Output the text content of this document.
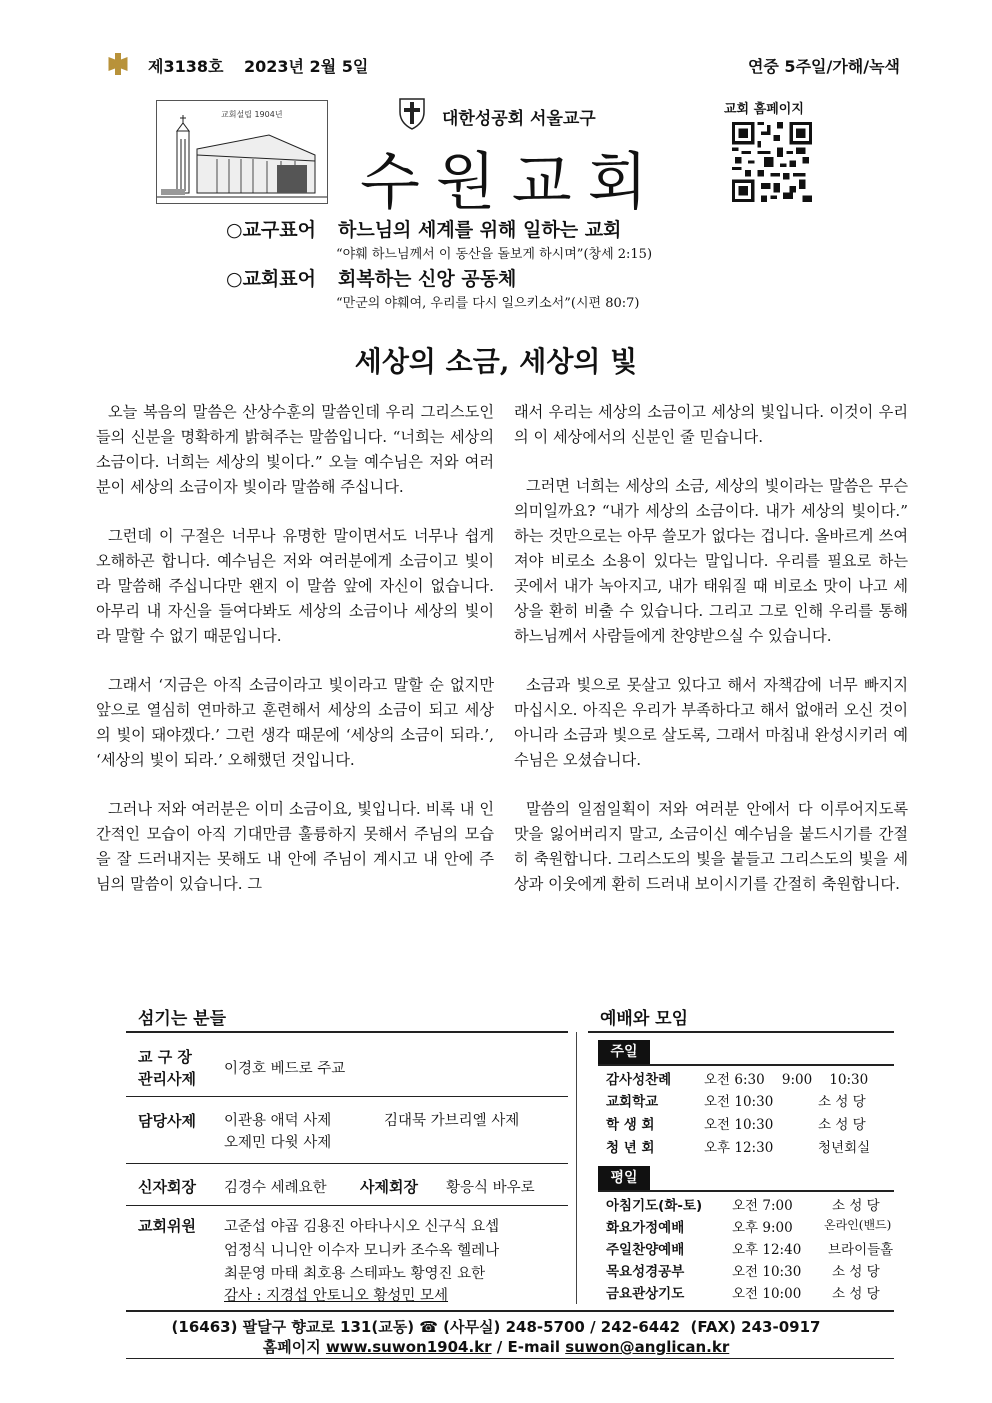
제3138호 2023년 2월 5일	연중 5주일/가해/녹색
교회설립 1904년	대한성공회 서울교구
수원교회
교회 홈페이지
○교구표어 하느님의 세계를 위해 일하는 교회
“야훼 하느님께서 이 동산을 돌보게 하시며”(창세 2:15)
○교회표어 회복하는 신앙 공동체
“만군의 야훼여, 우리를 다시 일으키소서”(시편 80:7)
세상의 소금, 세상의 빛

오늘 복음의 말씀은 산상수훈의 말씀인데 우리 그리스도인들의 신분을 명확하게 밝혀주는 말씀입니다. “너희는 세상의 소금이다. 너희는 세상의 빛이다.” 오늘 예수님은 저와 여러분이 세상의 소금이자 빛이라 말씀해 주십니다.

그런데 이 구절은 너무나 유명한 말이면서도 너무나 쉽게 오해하곤 합니다. 예수님은 저와 여러분에게 소금이고 빛이라 말씀해 주십니다만 왠지 이 말씀 앞에 자신이 없습니다. 아무리 내 자신을 들여다봐도 세상의 소금이나 세상의 빛이라 말할 수 없기 때문입니다.

그래서 ‘지금은 아직 소금이라고 빛이라고 말할 순 없지만 앞으로 열심히 연마하고 훈련해서 세상의 소금이 되고 세상의 빛이 돼야겠다.’ 그런 생각 때문에 ‘세상의 소금이 되라.’, ‘세상의 빛이 되라.’ 오해했던 것입니다.

그러나 저와 여러분은 이미 소금이요, 빛입니다. 비록 내 인간적인 모습이 아직 기대만큼 훌륭하지 못해서 주님의 모습을 잘 드러내지는 못해도 내 안에 주님이 계시고 내 안에 주님의 말씀이 있습니다. 그

래서 우리는 세상의 소금이고 세상의 빛입니다. 이것이 우리의 이 세상에서의 신분인 줄 믿습니다.

그러면 너희는 세상의 소금, 세상의 빛이라는 말씀은 무슨 의미일까요? “내가 세상의 소금이다. 내가 세상의 빛이다.” 하는 것만으로는 아무 쓸모가 없다는 겁니다. 올바르게 쓰여져야 비로소 소용이 있다는 말입니다. 우리를 필요로 하는 곳에서 내가 녹아지고, 내가 태워질 때 비로소 맛이 나고 세상을 환히 비출 수 있습니다. 그리고 그로 인해 우리를 통해 하느님께서 사람들에게 찬양받으실 수 있습니다.

소금과 빛으로 못살고 있다고 해서 자책감에 너무 빠지지 마십시오. 아직은 우리가 부족하다고 해서 없애러 오신 것이 아니라 소금과 빛으로 살도록, 그래서 마침내 완성시키러 예수님은 오셨습니다.

말씀의 일점일획이 저와 여러분 안에서 다 이루어지도록 맛을 잃어버리지 말고, 소금이신 예수님을 붙드시기를 간절히 축원합니다. 그리스도의 빛을 붙들고 그리스도의 빛을 세상과 이웃에게 환히 드러내 보이시기를 간절히 축원합니다.

섬기는 분들
교 구 장
관리사제
이경호 베드로 주교
담당사제 이관용 애덕 사제	김대묵 가브리엘 사제
오제민 다윗 사제
신자회장 김경수 세례요한 사제회장 황응식 바우로
교회위원 고준섭 야곱 김용진 아타나시오 신구식 요셉
엄정식 니니안 이수자 모니카 조수옥 헬레나
최문영 마태 최호용 스테파노 황영진 요한
감사 : 지경섭 안토니오 황성민 모세
예배와 모임
주일
감사성찬례 오전 6:30    9:00    10:30
교회학교	오전 10:30	소 성 당
학 생 회	오전 10:30	소 성 당
청 년 회	오후 12:30	청년회실
평일
아침기도(화-토) 오전 7:00	소 성 당
화요가정예배	오후 9:00	온라인(밴드)
주일찬양예배	오후 12:40 브라이들홀
목요성경공부	오전 10:30 소 성 당
금요관상기도	오전 10:00 소 성 당
(16463) 팔달구 향교로 131(교동) ☎ (사무실) 248-5700 / 242-6442  (FAX) 243-0917
홈페이지 www.suwon1904.kr / E-mail suwon@anglican.kr
